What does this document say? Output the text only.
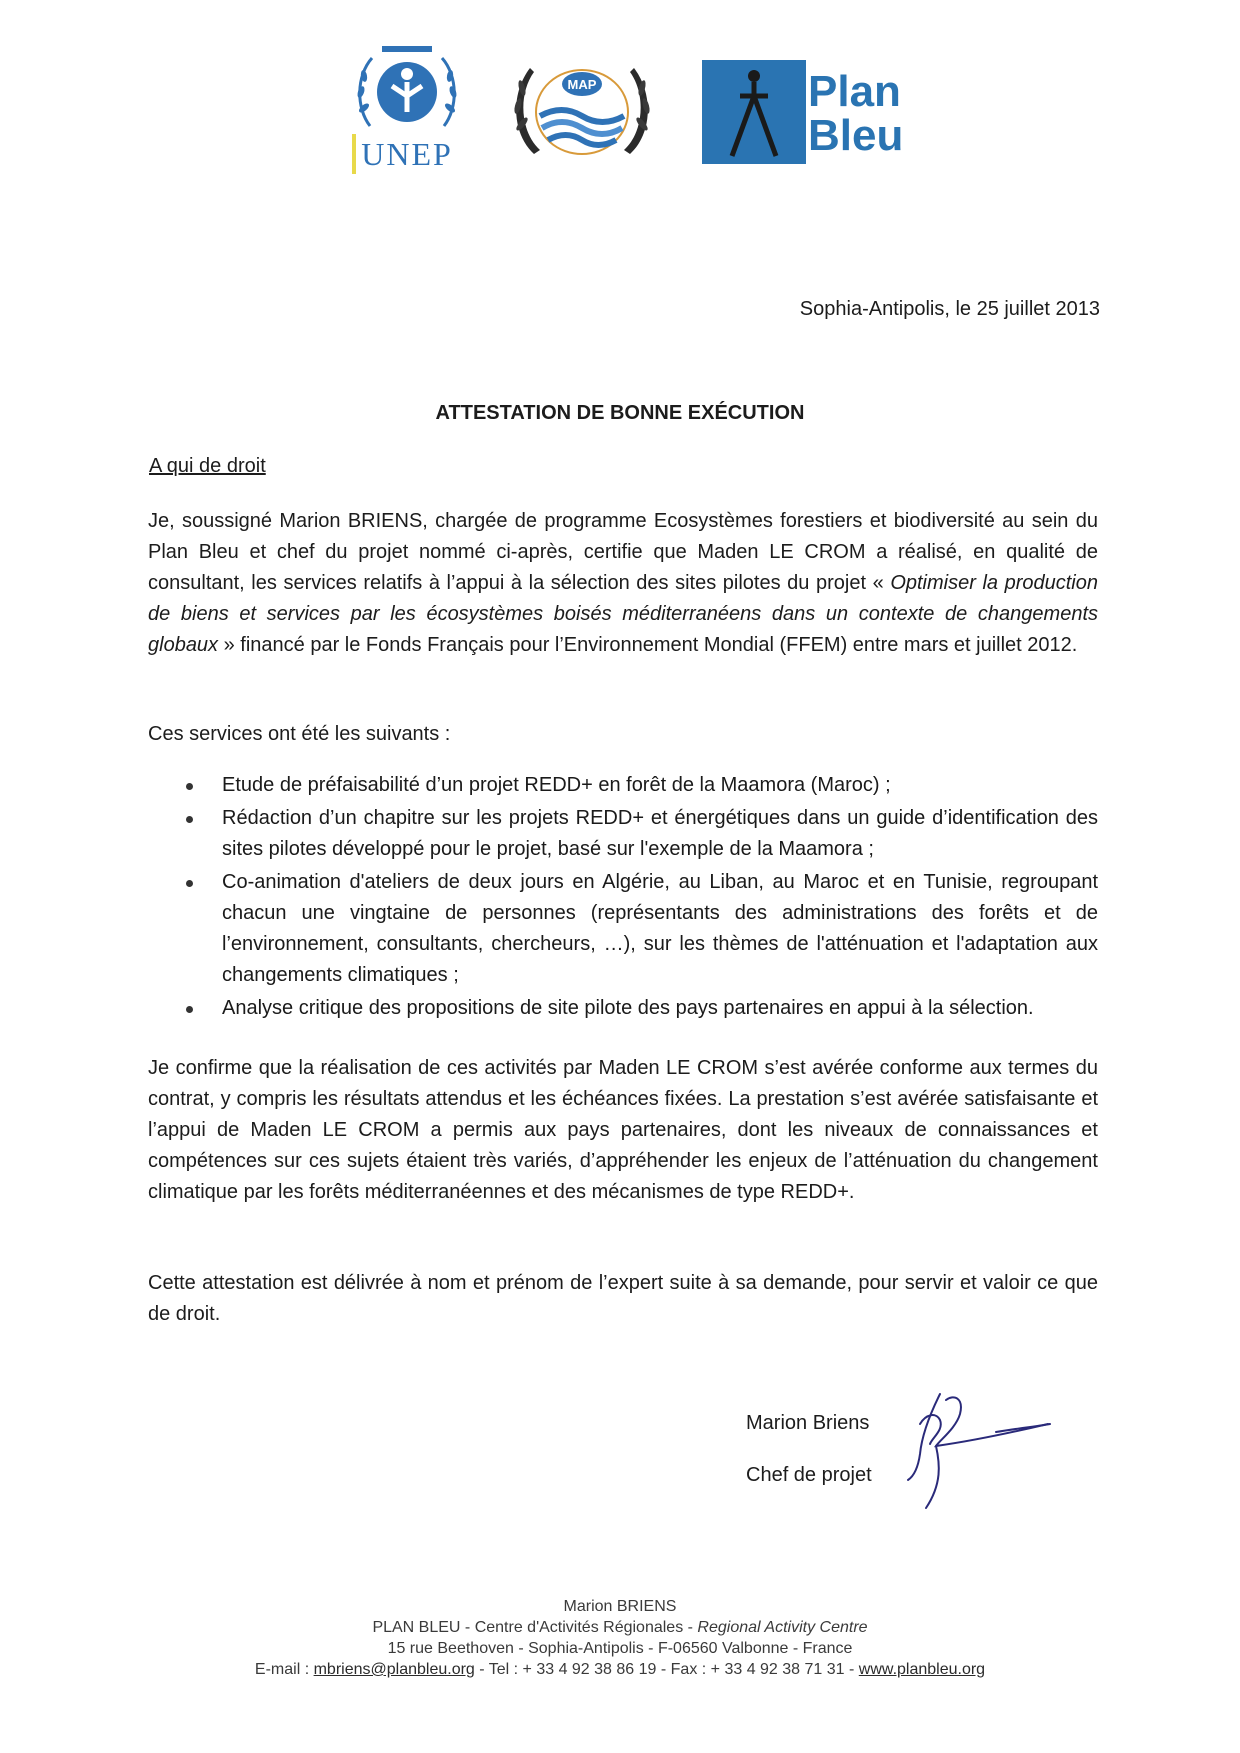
UNEP
MAP	Plan
Bleu
Sophia-Antipolis, le 25 juillet 2013
ATTESTATION DE BONNE EXÉCUTION
A qui de droit
Je, soussigné Marion BRIENS, chargée de programme Ecosystèmes forestiers et biodiversité au sein du Plan Bleu et chef du projet nommé ci-après, certifie que Maden LE CROM a réalisé, en qualité de consultant, les services relatifs à l’appui à la sélection des sites pilotes du projet « Optimiser la production de biens et services par les écosystèmes boisés méditerranéens dans un contexte de changements globaux » financé par le Fonds Français pour l’Environnement Mondial (FFEM) entre mars et juillet 2012.
Ces services ont été les suivants :
Etude de préfaisabilité d’un projet REDD+ en forêt de la Maamora (Maroc) ;
Rédaction d’un chapitre sur les projets REDD+ et énergétiques dans un guide d’identification des sites pilotes développé pour le projet, basé sur l'exemple de la Maamora ;
Co-animation d'ateliers de deux jours en Algérie, au Liban, au Maroc et en Tunisie, regroupant chacun une vingtaine de personnes (représentants des administrations des forêts et de l’environnement, consultants, chercheurs, …), sur les thèmes de l'atténuation et l'adaptation aux changements climatiques ;
Analyse critique des propositions de site pilote des pays partenaires en appui à la sélection.
Je confirme que la réalisation de ces activités par Maden LE CROM s’est avérée conforme aux termes du contrat, y compris les résultats attendus et les échéances fixées. La prestation s’est avérée satisfaisante et l’appui de Maden LE CROM a permis aux pays partenaires, dont les niveaux de connaissances et compétences sur ces sujets étaient très variés, d’appréhender les enjeux de l’atténuation du changement climatique par les forêts méditerranéennes et des mécanismes de type REDD+.
Cette attestation est délivrée à nom et prénom de l’expert suite à sa demande, pour servir et valoir ce que de droit.
Marion Briens
Chef de projet
Marion BRIENS
PLAN BLEU - Centre d'Activités Régionales - Regional Activity Centre
15 rue Beethoven - Sophia-Antipolis - F-06560 Valbonne - France
E-mail : mbriens@planbleu.org - Tel : + 33 4 92 38 86 19 - Fax : + 33 4 92 38 71 31 - www.planbleu.org
